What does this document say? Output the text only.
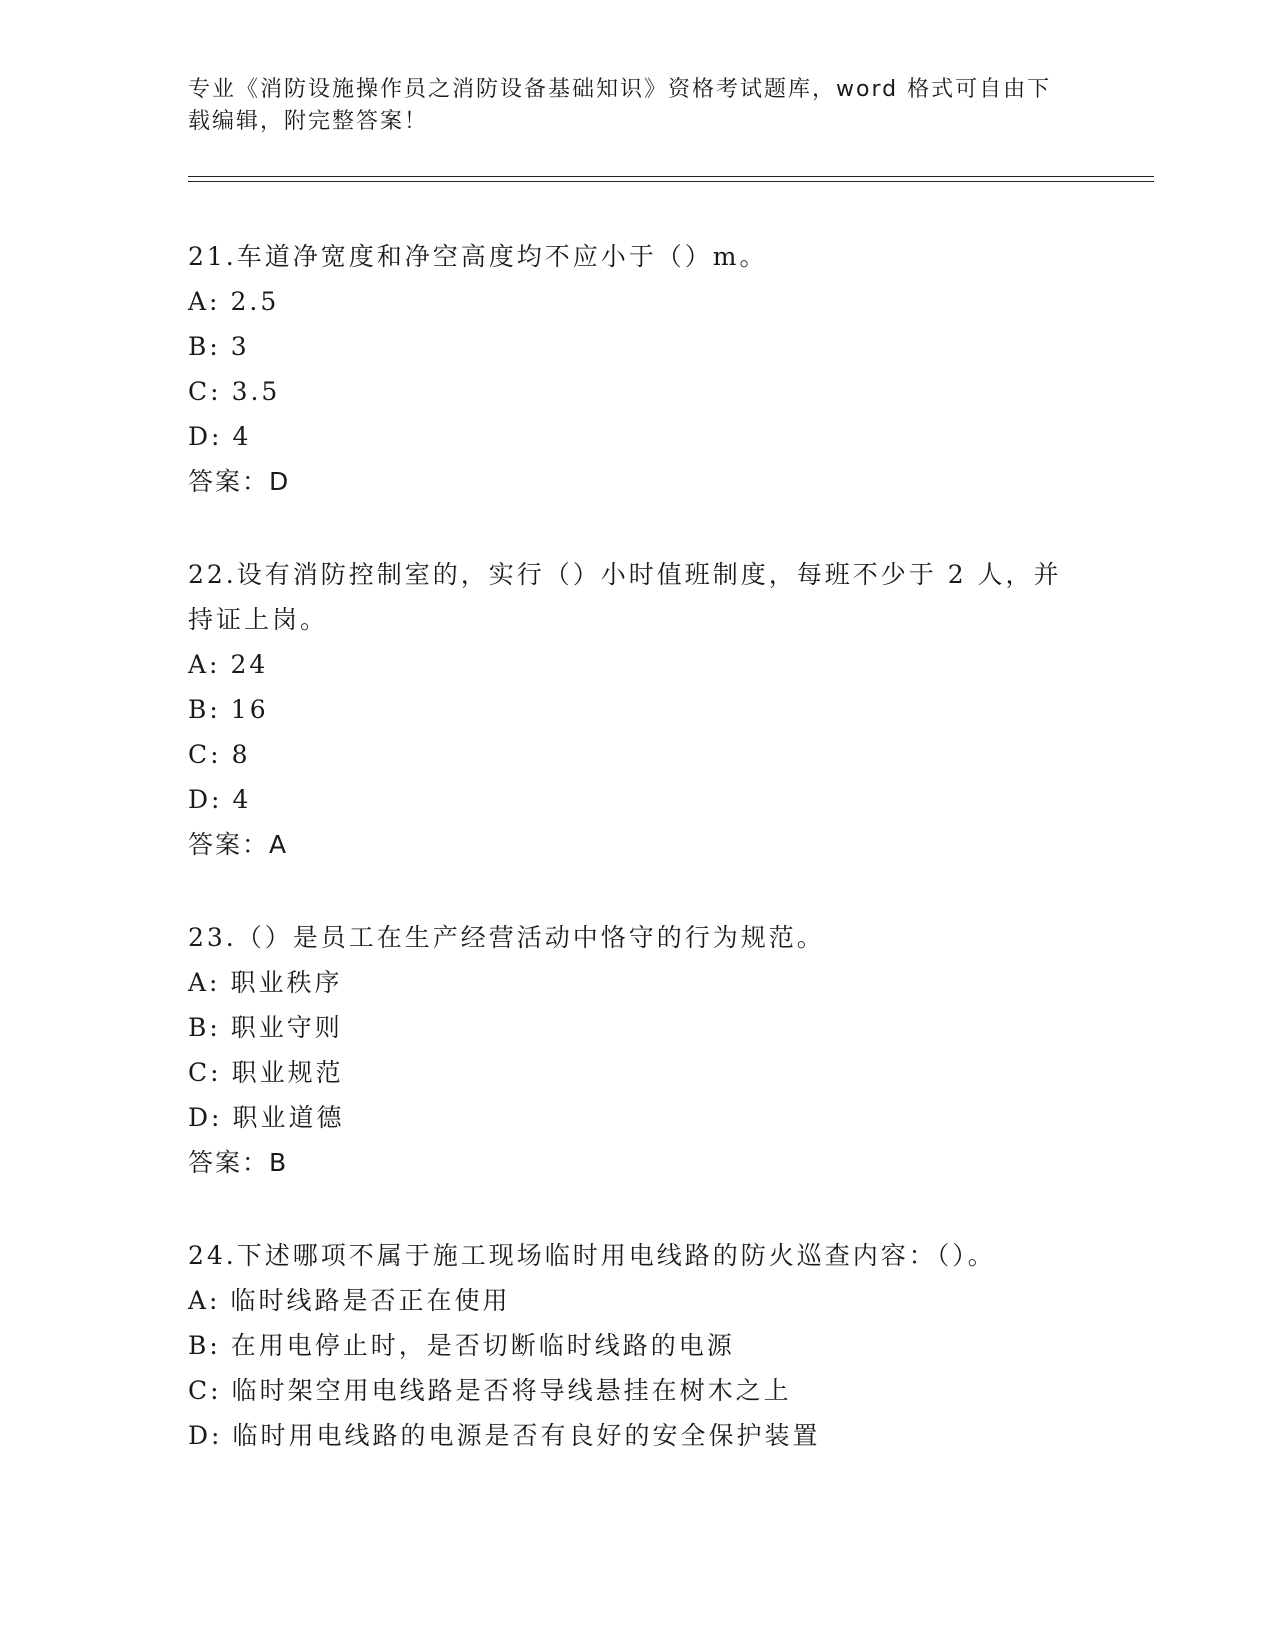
专业《消防设施操作员之消防设备基础知识》资格考试题库，word 格式可自由下
载编辑，附完整答案！

21.车道净宽度和净空高度均不应小于（）m。

A: 2.5

B: 3

C: 3.5

D: 4

答案：D

22.设有消防控制室的，实行（）小时值班制度，每班不少于 2 人，并

持证上岗。

A: 24

B: 16

C: 8

D: 4

答案：A

23.（）是员工在生产经营活动中恪守的行为规范。

A: 职业秩序

B: 职业守则

C: 职业规范

D: 职业道德

答案：B

24.下述哪项不属于施工现场临时用电线路的防火巡查内容：（）。

A: 临时线路是否正在使用

B: 在用电停止时，是否切断临时线路的电源

C: 临时架空用电线路是否将导线悬挂在树木之上

D: 临时用电线路的电源是否有良好的安全保护装置
